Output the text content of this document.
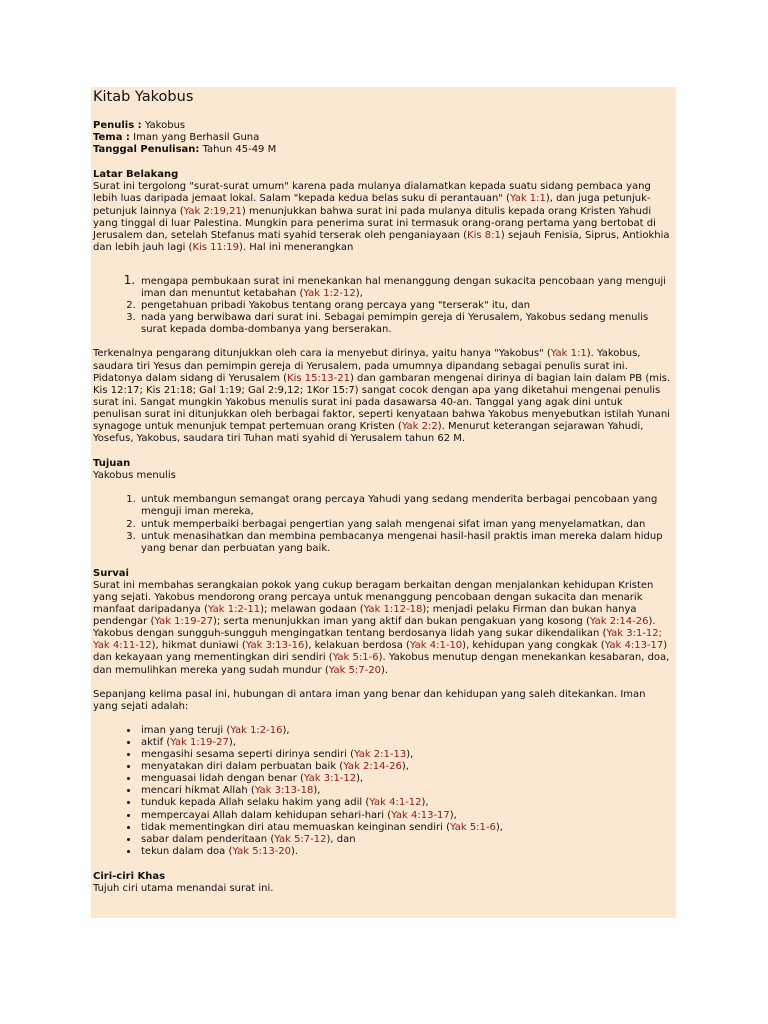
Kitab Yakobus
Penulis : Yakobus
Tema : Iman yang Berhasil Guna
Tanggal Penulisan: Tahun 45-49 M
Latar Belakang

Surat ini tergolong "surat-surat umum" karena pada mulanya dialamatkan kepada suatu sidang pembaca yang lebih luas daripada jemaat lokal. Salam "kepada kedua belas suku di perantauan" (Yak 1:1), dan juga petunjuk-petunjuk lainnya (Yak 2:19,21) menunjukkan bahwa surat ini pada mulanya ditulis kepada orang Kristen Yahudi yang tinggal di luar Palestina. Mungkin para penerima surat ini termasuk orang-orang pertama yang bertobat di Jerusalem dan, setelah Stefanus mati syahid terserak oleh penganiayaan (Kis 8:1) sejauh Fenisia, Siprus, Antiokhia dan lebih jauh lagi (Kis 11:19). Hal ini menerangkan

1. mengapa pembukaan surat ini menekankan hal menanggung dengan sukacita pencobaan yang menguji iman dan menuntut ketabahan (Yak 1:2-12),
2. pengetahuan pribadi Yakobus tentang orang percaya yang "terserak" itu, dan
3. nada yang berwibawa dari surat ini. Sebagai pemimpin gereja di Yerusalem, Yakobus sedang menulis surat kepada domba-dombanya yang berserakan.

Terkenalnya pengarang ditunjukkan oleh cara ia menyebut dirinya, yaitu hanya "Yakobus" (Yak 1:1). Yakobus, saudara tiri Yesus dan pemimpin gereja di Yerusalem, pada umumnya dipandang sebagai penulis surat ini. Pidatonya dalam sidang di Yerusalem (Kis 15:13-21) dan gambaran mengenai dirinya di bagian lain dalam PB (mis. Kis 12:17; Kis 21:18; Gal 1:19; Gal 2:9,12; 1Kor 15:7) sangat cocok dengan apa yang diketahui mengenai penulis surat ini. Sangat mungkin Yakobus menulis surat ini pada dasawarsa 40-an. Tanggal yang agak dini untuk penulisan surat ini ditunjukkan oleh berbagai faktor, seperti kenyataan bahwa Yakobus menyebutkan istilah Yunani synagoge untuk menunjuk tempat pertemuan orang Kristen (Yak 2:2). Menurut keterangan sejarawan Yahudi, Yosefus, Yakobus, saudara tiri Tuhan mati syahid di Yerusalem tahun 62 M.

Tujuan

Yakobus menulis

1. untuk membangun semangat orang percaya Yahudi yang sedang menderita berbagai pencobaan yang menguji iman mereka,
2. untuk memperbaiki berbagai pengertian yang salah mengenai sifat iman yang menyelamatkan, dan
3. untuk menasihatkan dan membina pembacanya mengenai hasil-hasil praktis iman mereka dalam hidup yang benar dan perbuatan yang baik.
Survai

Surat ini membahas serangkaian pokok yang cukup beragam berkaitan dengan menjalankan kehidupan Kristen yang sejati. Yakobus mendorong orang percaya untuk menanggung pencobaan dengan sukacita dan menarik manfaat daripadanya (Yak 1:2-11); melawan godaan (Yak 1:12-18); menjadi pelaku Firman dan bukan hanya pendengar (Yak 1:19-27); serta menunjukkan iman yang aktif dan bukan pengakuan yang kosong (Yak 2:14-26). Yakobus dengan sungguh-sungguh mengingatkan tentang berdosanya lidah yang sukar dikendalikan (Yak 3:1-12; Yak 4:11-12), hikmat duniawi (Yak 3:13-16), kelakuan berdosa (Yak 4:1-10), kehidupan yang congkak (Yak 4:13-17) dan kekayaan yang mementingkan diri sendiri (Yak 5:1-6). Yakobus menutup dengan menekankan kesabaran, doa, dan memulihkan mereka yang sudah mundur (Yak 5:7-20).

Sepanjang kelima pasal ini, hubungan di antara iman yang benar dan kehidupan yang saleh ditekankan. Iman yang sejati adalah:

• iman yang teruji (Yak 1:2-16),
• aktif (Yak 1:19-27),
• mengasihi sesama seperti dirinya sendiri (Yak 2:1-13),
• menyatakan diri dalam perbuatan baik (Yak 2:14-26),
• menguasai lidah dengan benar (Yak 3:1-12),
• mencari hikmat Allah (Yak 3:13-18),
• tunduk kepada Allah selaku hakim yang adil (Yak 4:1-12),
• mempercayai Allah dalam kehidupan sehari-hari (Yak 4:13-17),
• tidak mementingkan diri atau memuaskan keinginan sendiri (Yak 5:1-6),
• sabar dalam penderitaan (Yak 5:7-12), dan
• tekun dalam doa (Yak 5:13-20).
Ciri-ciri Khas

Tujuh ciri utama menandai surat ini.
